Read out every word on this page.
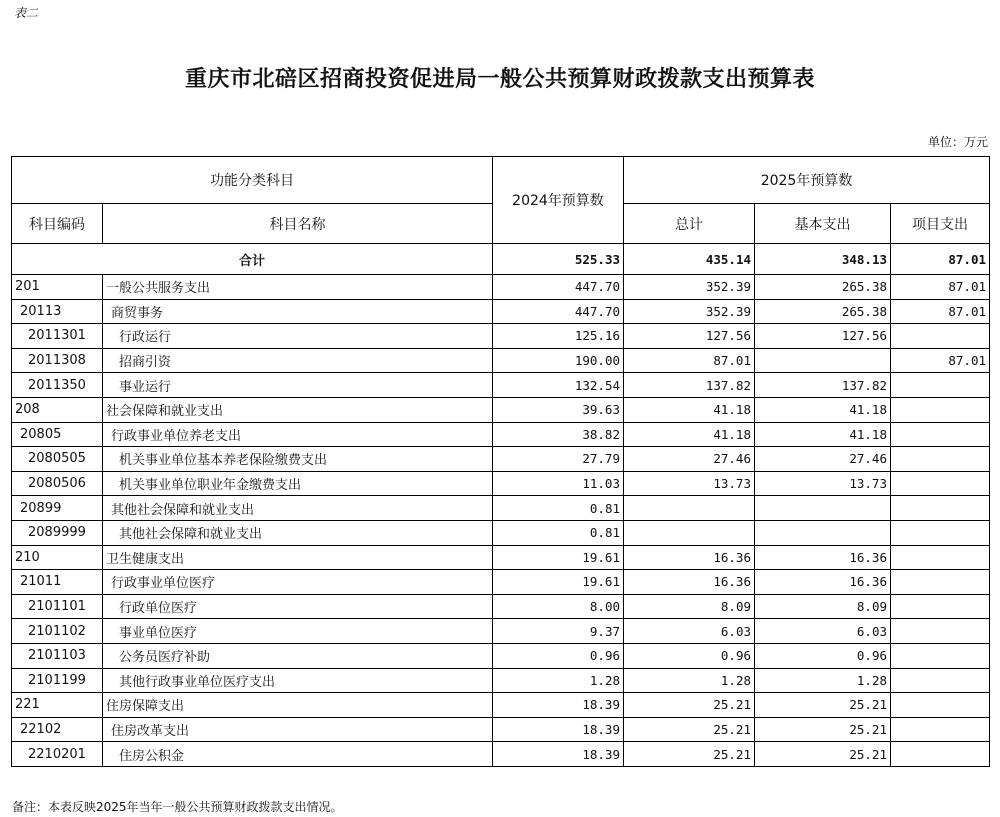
表二
重庆市北碚区招商投资促进局一般公共预算财政拨款支出预算表
单位：万元
功能分类科目		2024年预算数	2025年预算数		
科目编码	科目名称		总计	基本支出	项目支出
合计		525.33	435.14	348.13	87.01
201	一般公共服务支出	447.70	352.39	265.38	87.01
20113	商贸事务	447.70	352.39	265.38	87.01
2011301	行政运行	125.16	127.56	127.56	
2011308	招商引资	190.00	87.01		87.01
2011350	事业运行	132.54	137.82	137.82	
208	社会保障和就业支出	39.63	41.18	41.18	
20805	行政事业单位养老支出	38.82	41.18	41.18	
2080505	机关事业单位基本养老保险缴费支出	27.79	27.46	27.46	
2080506	机关事业单位职业年金缴费支出	11.03	13.73	13.73	
20899	其他社会保障和就业支出	0.81			
2089999	其他社会保障和就业支出	0.81			
210	卫生健康支出	19.61	16.36	16.36	
21011	行政事业单位医疗	19.61	16.36	16.36	
2101101	行政单位医疗	8.00	8.09	8.09	
2101102	事业单位医疗	9.37	6.03	6.03	
2101103	公务员医疗补助	0.96	0.96	0.96	
2101199	其他行政事业单位医疗支出	1.28	1.28	1.28	
221	住房保障支出	18.39	25.21	25.21	
22102	住房改革支出	18.39	25.21	25.21	
2210201	住房公积金	18.39	25.21	25.21	
备注：本表反映2025年当年一般公共预算财政拨款支出情况。
